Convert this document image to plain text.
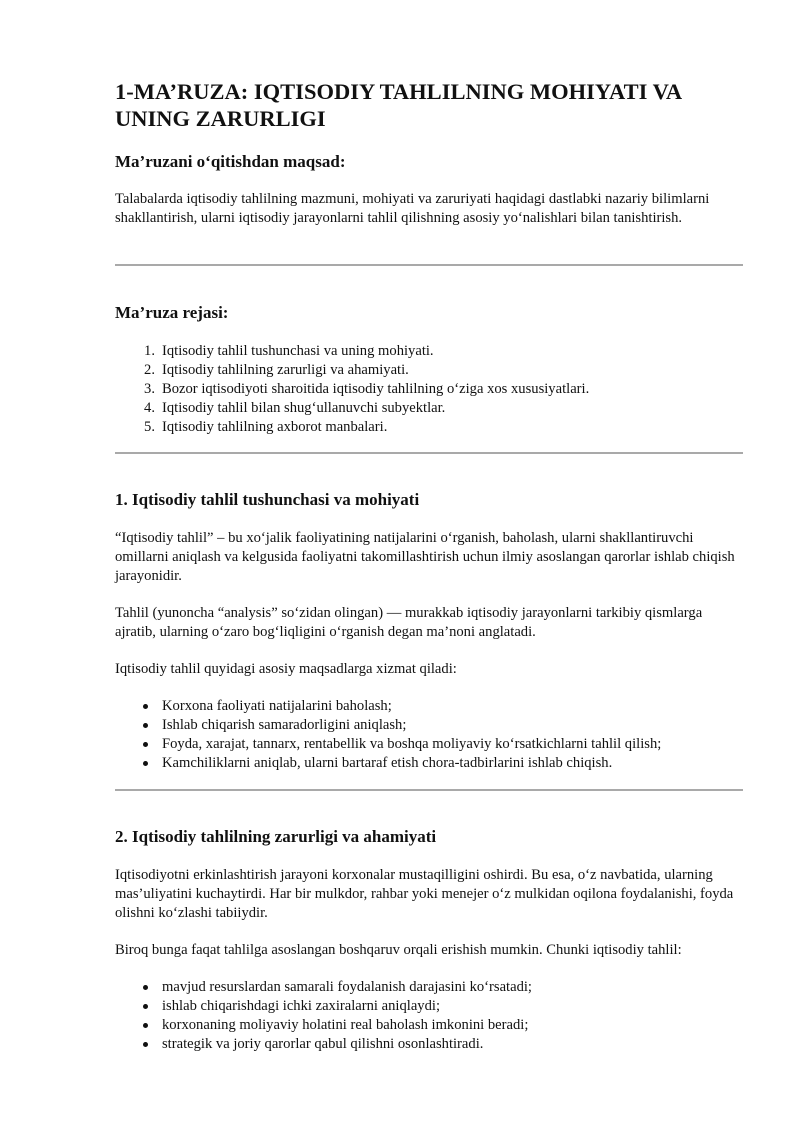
1-MA’RUZA: IQTISODIY TAHLILNING MOHIYATI VA UNING ZARURLIGI
Ma’ruzani o‘qitishdan maqsad:

Talabalarda iqtisodiy tahlilning mazmuni, mohiyati va zaruriyati haqidagi dastlabki nazariy bilimlarni shakllantirish, ularni iqtisodiy jarayonlarni tahlil qilishning asosiy yo‘nalishlari bilan tanishtirish.

Ma’ruza rejasi:
1. Iqtisodiy tahlil tushunchasi va uning mohiyati.
2. Iqtisodiy tahlilning zarurligi va ahamiyati.
3. Bozor iqtisodiyoti sharoitida iqtisodiy tahlilning o‘ziga xos xususiyatlari.
4. Iqtisodiy tahlil bilan shug‘ullanuvchi subyektlar.
5. Iqtisodiy tahlilning axborot manbalari.
1. Iqtisodiy tahlil tushunchasi va mohiyati

“Iqtisodiy tahlil” – bu xo‘jalik faoliyatining natijalarini o‘rganish, baholash, ularni shakllantiruvchi omillarni aniqlash va kelgusida faoliyatni takomillashtirish uchun ilmiy asoslangan qarorlar ishlab chiqish jarayonidir.

Tahlil (yunoncha “analysis” so‘zidan olingan) — murakkab iqtisodiy jarayonlarni tarkibiy qismlarga ajratib, ularning o‘zaro bog‘liqligini o‘rganish degan ma’noni anglatadi.

Iqtisodiy tahlil quyidagi asosiy maqsadlarga xizmat qiladi:

Korxona faoliyati natijalarini baholash;
Ishlab chiqarish samaradorligini aniqlash;
Foyda, xarajat, tannarx, rentabellik va boshqa moliyaviy ko‘rsatkichlarni tahlil qilish;
Kamchiliklarni aniqlab, ularni bartaraf etish chora-tadbirlarini ishlab chiqish.
2. Iqtisodiy tahlilning zarurligi va ahamiyati

Iqtisodiyotni erkinlashtirish jarayoni korxonalar mustaqilligini oshirdi. Bu esa, o‘z navbatida, ularning mas’uliyatini kuchaytirdi. Har bir mulkdor, rahbar yoki menejer o‘z mulkidan oqilona foydalanishi, foyda olishni ko‘zlashi tabiiydir.

Biroq bunga faqat tahlilga asoslangan boshqaruv orqali erishish mumkin. Chunki iqtisodiy tahlil:

mavjud resurslardan samarali foydalanish darajasini ko‘rsatadi;
ishlab chiqarishdagi ichki zaxiralarni aniqlaydi;
korxonaning moliyaviy holatini real baholash imkonini beradi;
strategik va joriy qarorlar qabul qilishni osonlashtiradi.
